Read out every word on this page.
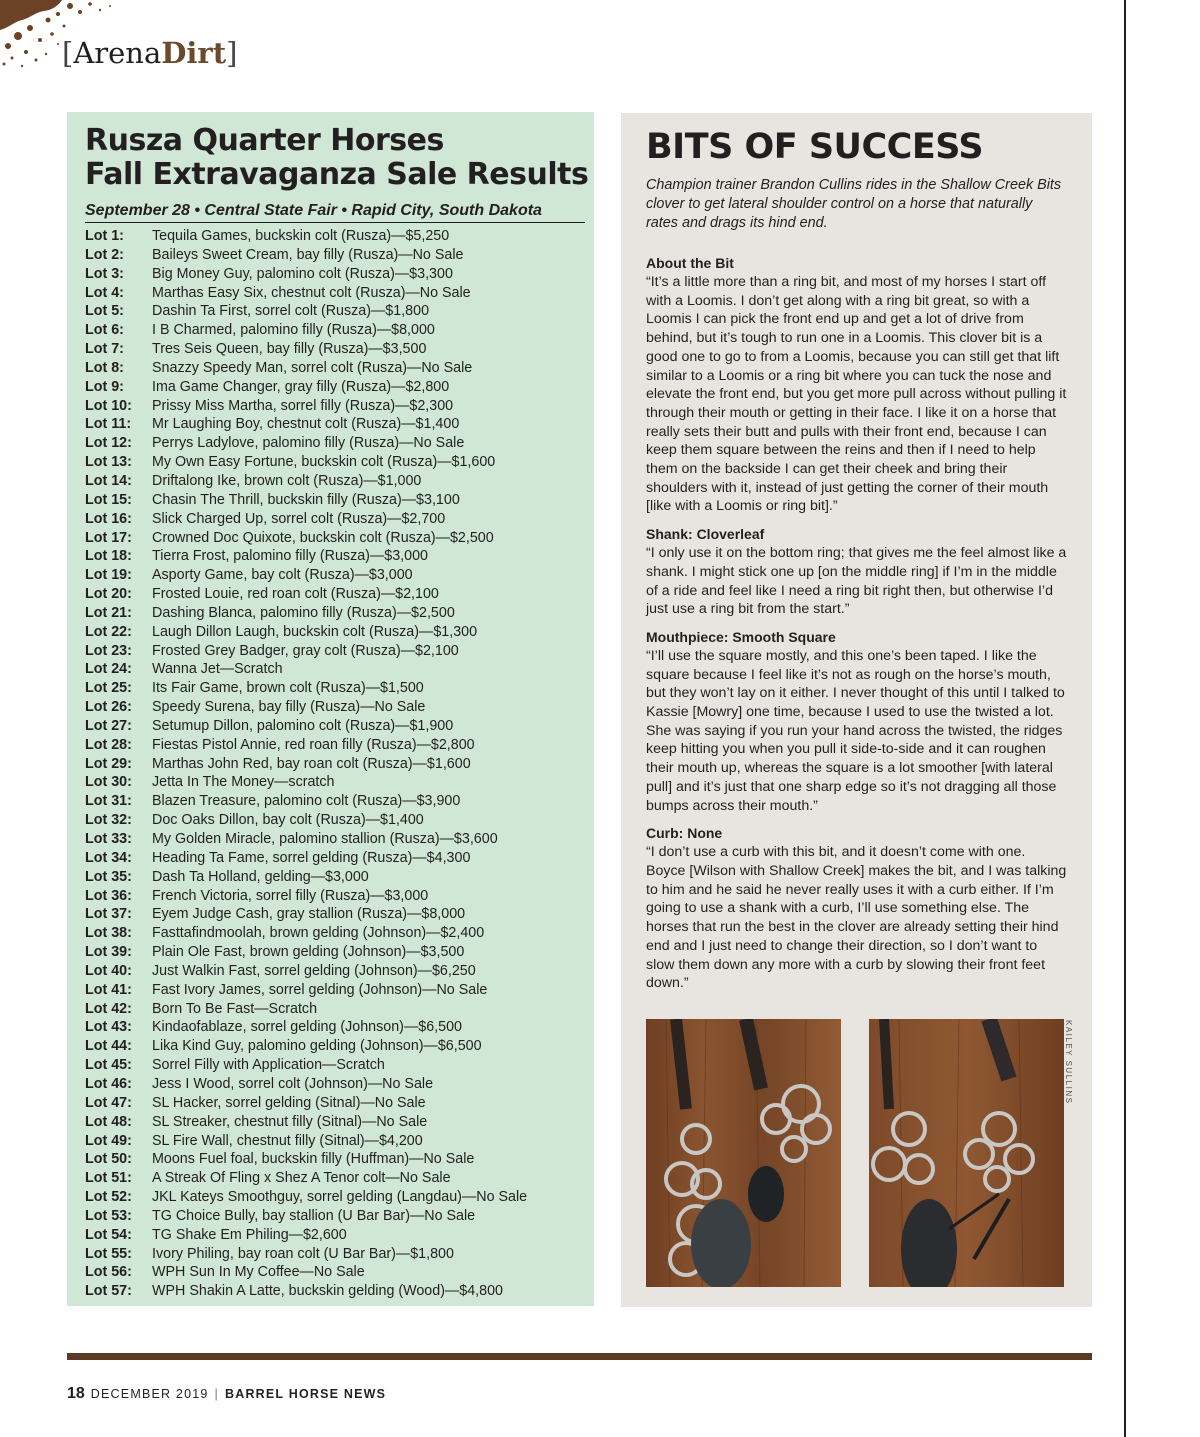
[ArenaDirt]
Rusza Quarter Horses
Fall Extravaganza Sale Results
September 28 • Central State Fair • Rapid City, South Dakota
Lot 1:	Tequila Games, buckskin colt (Rusza)—$5,250
Lot 2:	Baileys Sweet Cream, bay filly (Rusza)—No Sale
Lot 3:	Big Money Guy, palomino colt (Rusza)—$3,300
Lot 4:	Marthas Easy Six, chestnut colt (Rusza)—No Sale
Lot 5:	Dashin Ta First, sorrel colt (Rusza)—$1,800
Lot 6:	I B Charmed, palomino filly (Rusza)—$8,000
Lot 7:	Tres Seis Queen, bay filly (Rusza)—$3,500
Lot 8:	Snazzy Speedy Man, sorrel colt (Rusza)—No Sale
Lot 9:	Ima Game Changer, gray filly (Rusza)—$2,800
Lot 10:	Prissy Miss Martha, sorrel filly (Rusza)—$2,300
Lot 11:	Mr Laughing Boy, chestnut colt (Rusza)—$1,400
Lot 12:	Perrys Ladylove, palomino filly (Rusza)—No Sale
Lot 13:	My Own Easy Fortune, buckskin colt (Rusza)—$1,600
Lot 14:	Driftalong Ike, brown colt (Rusza)—$1,000
Lot 15:	Chasin The Thrill, buckskin filly (Rusza)—$3,100
Lot 16:	Slick Charged Up, sorrel colt (Rusza)—$2,700
Lot 17:	Crowned Doc Quixote, buckskin colt (Rusza)—$2,500
Lot 18:	Tierra Frost, palomino filly (Rusza)—$3,000
Lot 19:	Asporty Game, bay colt (Rusza)—$3,000
Lot 20:	Frosted Louie, red roan colt (Rusza)—$2,100
Lot 21:	Dashing Blanca, palomino filly (Rusza)—$2,500
Lot 22:	Laugh Dillon Laugh, buckskin colt (Rusza)—$1,300
Lot 23:	Frosted Grey Badger, gray colt (Rusza)—$2,100
Lot 24:	Wanna Jet—Scratch
Lot 25:	Its Fair Game, brown colt (Rusza)—$1,500
Lot 26:	Speedy Surena, bay filly (Rusza)—No Sale
Lot 27:	Setumup Dillon, palomino colt (Rusza)—$1,900
Lot 28:	Fiestas Pistol Annie, red roan filly (Rusza)—$2,800
Lot 29:	Marthas John Red, bay roan colt (Rusza)—$1,600
Lot 30:	Jetta In The Money—scratch
Lot 31:	Blazen Treasure, palomino colt (Rusza)—$3,900
Lot 32:	Doc Oaks Dillon, bay colt (Rusza)—$1,400
Lot 33:	My Golden Miracle, palomino stallion (Rusza)—$3,600
Lot 34:	Heading Ta Fame, sorrel gelding (Rusza)—$4,300
Lot 35:	Dash Ta Holland, gelding—$3,000
Lot 36:	French Victoria, sorrel filly (Rusza)—$3,000
Lot 37:	Eyem Judge Cash, gray stallion (Rusza)—$8,000
Lot 38:	Fasttafindmoolah, brown gelding (Johnson)—$2,400
Lot 39:	Plain Ole Fast, brown gelding (Johnson)—$3,500
Lot 40:	Just Walkin Fast, sorrel gelding (Johnson)—$6,250
Lot 41:	Fast Ivory James, sorrel gelding (Johnson)—No Sale
Lot 42:	Born To Be Fast—Scratch
Lot 43:	Kindaofablaze, sorrel gelding (Johnson)—$6,500
Lot 44:	Lika Kind Guy, palomino gelding (Johnson)—$6,500
Lot 45:	Sorrel Filly with Application—Scratch
Lot 46:	Jess I Wood, sorrel colt (Johnson)—No Sale
Lot 47:	SL Hacker, sorrel gelding (Sitnal)—No Sale
Lot 48:	SL Streaker, chestnut filly (Sitnal)—No Sale
Lot 49:	SL Fire Wall, chestnut filly (Sitnal)—$4,200
Lot 50:	Moons Fuel foal, buckskin filly (Huffman)—No Sale
Lot 51:	A Streak Of Fling x Shez A Tenor colt—No Sale
Lot 52:	JKL Kateys Smoothguy, sorrel gelding (Langdau)—No Sale
Lot 53:	TG Choice Bully, bay stallion (U Bar Bar)—No Sale
Lot 54:	TG Shake Em Philing—$2,600
Lot 55:	Ivory Philing, bay roan colt (U Bar Bar)—$1,800
Lot 56:	WPH Sun In My Coffee—No Sale
Lot 57:	WPH Shakin A Latte, buckskin gelding (Wood)—$4,800
BITS OF SUCCESS
Champion trainer Brandon Cullins rides in the Shallow Creek Bits clover to get lateral shoulder control on a horse that naturally rates and drags its hind end.
About the Bit
“It’s a little more than a ring bit, and most of my horses I start off with a Loomis. I don’t get along with a ring bit great, so with a Loomis I can pick the front end up and get a lot of drive from behind, but it’s tough to run one in a Loomis. This clover bit is a good one to go to from a Loomis, because you can still get that lift similar to a Loomis or a ring bit where you can tuck the nose and elevate the front end, but you get more pull across without pulling it through their mouth or getting in their face. I like it on a horse that really sets their butt and pulls with their front end, because I can keep them square between the reins and then if I need to help them on the backside I can get their cheek and bring their shoulders with it, instead of just getting the corner of their mouth [like with a Loomis or ring bit].”
Shank: Cloverleaf
“I only use it on the bottom ring; that gives me the feel almost like a shank. I might stick one up [on the middle ring] if I’m in the middle of a ride and feel like I need a ring bit right then, but otherwise I’d just use a ring bit from the start.”
Mouthpiece: Smooth Square
“I’ll use the square mostly, and this one’s been taped. I like the square because I feel like it’s not as rough on the horse’s mouth, but they won’t lay on it either. I never thought of this until I talked to Kassie [Mowry] one time, because I used to use the twisted a lot. She was saying if you run your hand across the twisted, the ridges keep hitting you when you pull it side-to-side and it can roughen their mouth up, whereas the square is a lot smoother [with lateral pull] and it’s just that one sharp edge so it’s not dragging all those bumps across their mouth.”
Curb: None
“I don’t use a curb with this bit, and it doesn’t come with one. Boyce [Wilson with Shallow Creek] makes the bit, and I was talking to him and he said he never really uses it with a curb either. If I’m going to use a shank with a curb, I’ll use something else. The horses that run the best in the clover are already setting their hind end and I just need to change their direction, so I don’t want to slow them down any more with a curb by slowing their front feet down.”
KAILEY SULLINS
18 DECEMBER 2019 | BARREL HORSE NEWS
